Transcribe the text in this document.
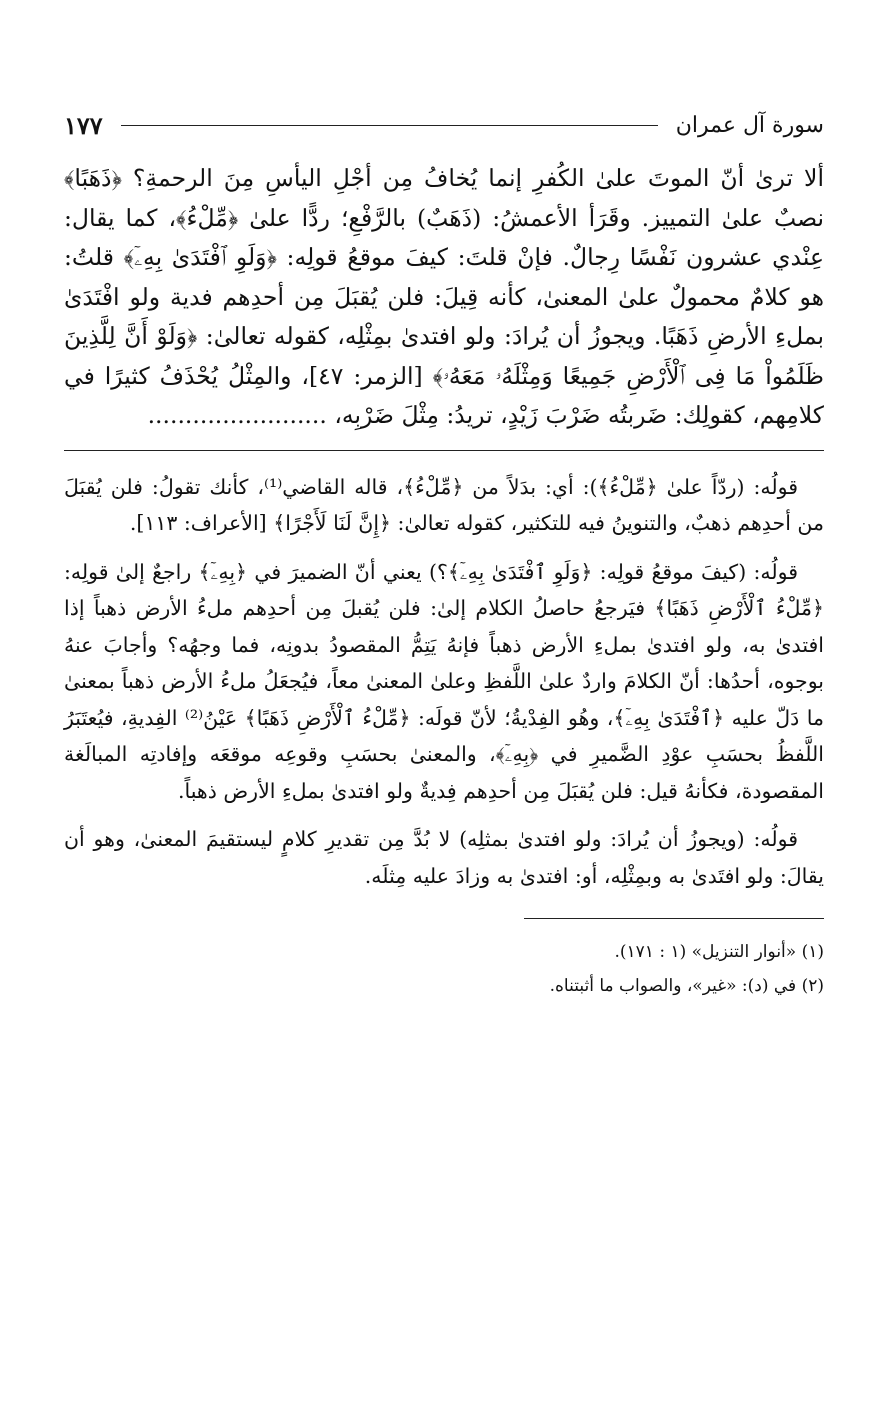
سورة آل عمران
١٧٧
ألا ترىٰ أنّ الموتَ علىٰ الكُفرِ إنما يُخافُ مِن أجْلِ اليأسِ مِنَ الرحمةِ؟ ﴿ذَهَبًا﴾ نصبٌ علىٰ التمييز. وقَرَأ الأعمشُ: (ذَهَبٌ) بالرَّفْعِ؛ ردًّا علىٰ ﴿مِّلْءُ﴾، كما يقال: عِنْدي عشرون نَفْسًا رِجالٌ. فإنْ قلتَ: كيفَ موقعُ قولِه: ﴿وَلَوِ ٱفْتَدَىٰ بِهِۦٓ﴾ قلتُ: هو كلامٌ محمولٌ علىٰ المعنىٰ، كأنه قِيلَ: فلن يُقبَلَ مِن أحدِهم فدية ولو افْتَدَىٰ بملءِ الأرضِ ذَهَبًا. ويجوزُ أن يُرادَ: ولو افتدىٰ بمِثْلِه، كقوله تعالىٰ: ﴿وَلَوْ أَنَّ لِلَّذِينَ ظَلَمُواْ مَا فِى ٱلْأَرْضِ جَمِيعًا وَمِثْلَهُۥ مَعَهُۥ﴾ [الزمر: ٤٧]، والمِثْلُ يُحْذَفُ كثيرًا في كلامِهم، كقولِك: ضَربتُه ضَرْبَ زَيْدٍ، تريدُ: مِثْلَ ضَرْبِه، ........................

قولُه: (ردّاً علىٰ ﴿مِّلْءُ﴾): أي: بدَلاً من ﴿مِّلْءُ﴾، قاله القاضي⁽¹⁾، كأنك تقولُ: فلن يُقبَلَ من أحدِهم ذهبٌ، والتنوينُ فيه للتكثير، كقوله تعالىٰ: ﴿إِنَّ لَنَا لَأَجْرًا﴾ [الأعراف: ١١٣].

قولُه: (كيفَ موقعُ قولِه: ﴿وَلَوِ ٱفْتَدَىٰ بِهِۦٓ﴾؟) يعني أنّ الضميرَ في ﴿بِهِۦٓ﴾ راجعٌ إلىٰ قولِه: ﴿مِّلْءُ ٱلْأَرْضِ ذَهَبًا﴾ فيَرجعُ حاصلُ الكلام إلىٰ: فلن يُقبلَ مِن أحدِهم ملءُ الأرض ذهباً إذا افتدىٰ به، ولو افتدىٰ بملءِ الأرض ذهباً فإنهُ يَتِمُّ المقصودُ بدونِه، فما وجهُه؟ وأجابَ عنهُ بوجوه، أحدُها: أنّ الكلامَ واردٌ علىٰ اللَّفظِ وعلىٰ المعنىٰ معاً، فيُجعَلُ ملءُ الأرض ذهباً بمعنىٰ ما دَلّ عليه ﴿ٱفْتَدَىٰ بِهِۦٓ﴾، وهُو الفِدْيةُ؛ لأنّ قولَه: ﴿مِّلْءُ ٱلْأَرْضِ ذَهَبًا﴾ عَيْنُ⁽²⁾ الفِديةِ، فيُعتَبَرُ اللَّفظُ بحسَبِ عوْدِ الضَّميرِ في ﴿بِهِۦٓ﴾، والمعنىٰ بحسَبِ وقوعِه موقعَه وإفادتِه المبالَغة المقصودة، فكأنهُ قيل: فلن يُقبَلَ مِن أحدِهم فِديةٌ ولو افتدىٰ بملءِ الأرض ذهباً.

قولُه: (ويجوزُ أن يُرادَ: ولو افتدىٰ بمثلِه) لا بُدَّ مِن تقديرِ كلامٍ ليستقيمَ المعنىٰ، وهو أن يقالَ: ولو افتَدىٰ به وبمِثْلِه، أو: افتدىٰ به وزادَ عليه مِثلَه.

(١) «أنوار التنزيل» (١ : ١٧١).

(٢) في (د): «غير»، والصواب ما أثبتناه.
